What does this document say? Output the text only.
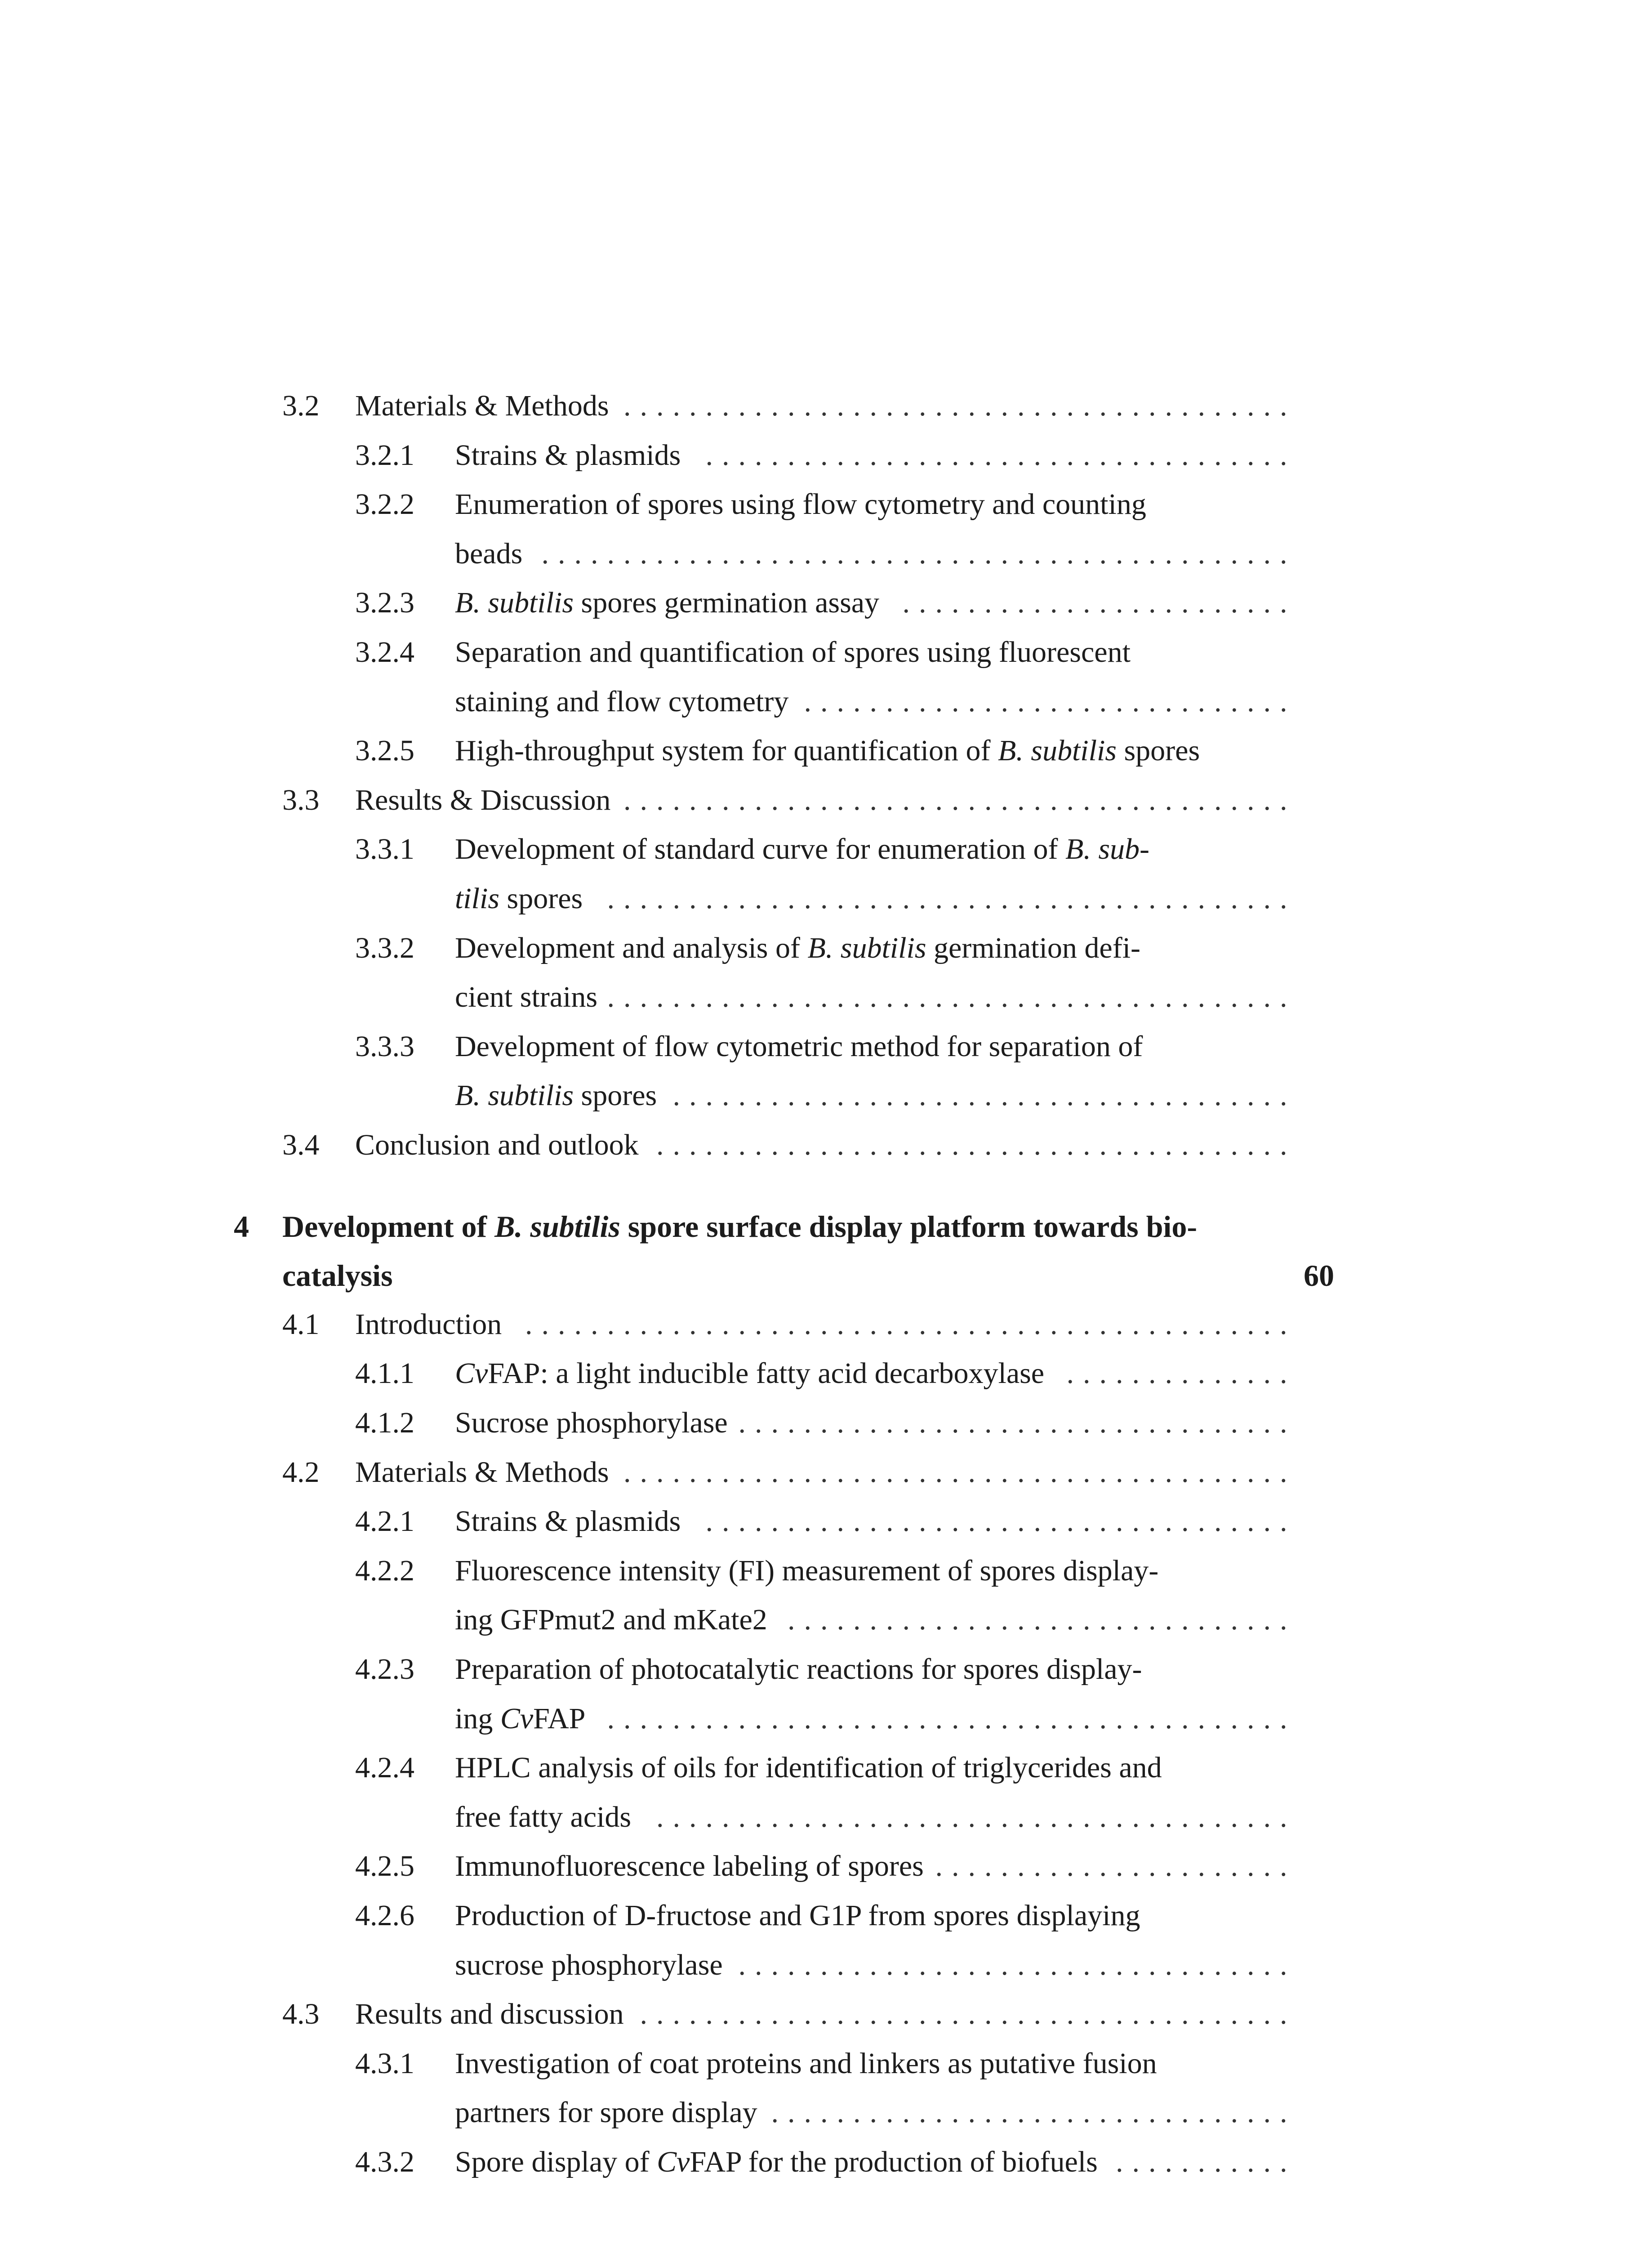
3.2 Materials & Methods . . . . . . . . . . . . . . . . . . . . . . . . . . . . . . . . . . . . . . . . .
3.2.1 Strains & plasmids . . . . . . . . . . . . . . . . . . . . . . . . . . . . . . . . . . . .
3.2.2 Enumeration of spores using flow cytometry and counting
beads . . . . . . . . . . . . . . . . . . . . . . . . . . . . . . . . . . . . . . . . . . . . . .
3.2.3 B. subtilis spores germination assay . . . . . . . . . . . . . . . . . . . . . . . .
3.2.4 Separation and quantification of spores using fluorescent
staining and flow cytometry . . . . . . . . . . . . . . . . . . . . . . . . . . . . . .
3.2.5 High-throughput system for quantification of B. subtilis spores
3.3 Results & Discussion . . . . . . . . . . . . . . . . . . . . . . . . . . . . . . . . . . . . . . . . .
3.3.1 Development of standard curve for enumeration of B. sub-
tilis spores . . . . . . . . . . . . . . . . . . . . . . . . . . . . . . . . . . . . . . . . . .
3.3.2 Development and analysis of B. subtilis germination defi-
cient strains . . . . . . . . . . . . . . . . . . . . . . . . . . . . . . . . . . . . . . . . . .
3.3.3 Development of flow cytometric method for separation of
B. subtilis spores . . . . . . . . . . . . . . . . . . . . . . . . . . . . . . . . . . . . . .
3.4 Conclusion and outlook . . . . . . . . . . . . . . . . . . . . . . . . . . . . . . . . . . . . . . .
4 Development of B. subtilis spore surface display platform towards bio-
catalysis	60
4.1 Introduction . . . . . . . . . . . . . . . . . . . . . . . . . . . . . . . . . . . . . . . . . . . . . . .
4.1.1 CvFAP: a light inducible fatty acid decarboxylase . . . . . . . . . . . . . .
4.1.2 Sucrose phosphorylase . . . . . . . . . . . . . . . . . . . . . . . . . . . . . . . . . .
4.2 Materials & Methods . . . . . . . . . . . . . . . . . . . . . . . . . . . . . . . . . . . . . . . . .
4.2.1 Strains & plasmids . . . . . . . . . . . . . . . . . . . . . . . . . . . . . . . . . . . .
4.2.2 Fluorescence intensity (FI) measurement of spores display-
ing GFPmut2 and mKate2 . . . . . . . . . . . . . . . . . . . . . . . . . . . . . . .
4.2.3 Preparation of photocatalytic reactions for spores display-
ing CvFAP . . . . . . . . . . . . . . . . . . . . . . . . . . . . . . . . . . . . . . . . . .
4.2.4 HPLC analysis of oils for identification of triglycerides and
free fatty acids . . . . . . . . . . . . . . . . . . . . . . . . . . . . . . . . . . . . . . .
4.2.5 Immunofluorescence labeling of spores . . . . . . . . . . . . . . . . . . . . . .
4.2.6 Production of D-fructose and G1P from spores displaying
sucrose phosphorylase . . . . . . . . . . . . . . . . . . . . . . . . . . . . . . . . . .
4.3 Results and discussion . . . . . . . . . . . . . . . . . . . . . . . . . . . . . . . . . . . . . . . .
4.3.1 Investigation of coat proteins and linkers as putative fusion
partners for spore display . . . . . . . . . . . . . . . . . . . . . . . . . . . . . . . .
4.3.2 Spore display of CvFAP for the production of biofuels . . . . . . . . . . .
